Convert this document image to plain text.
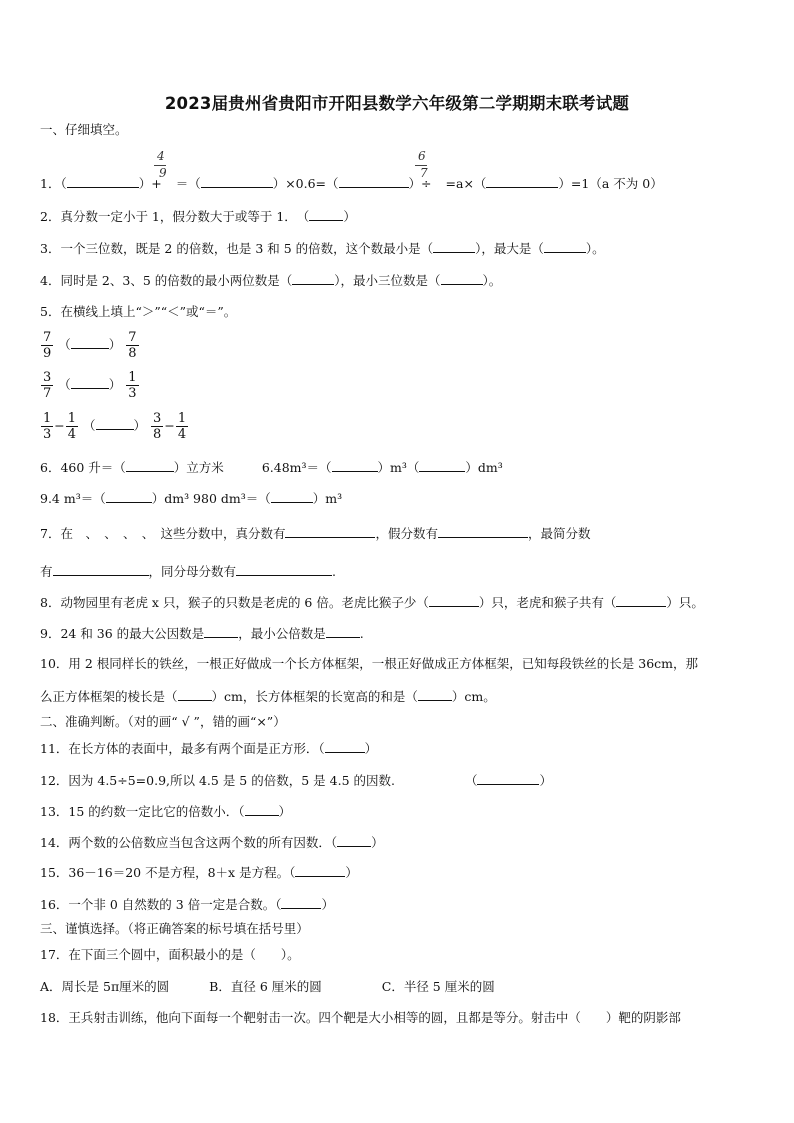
2023届贵州省贵阳市开阳县数学六年级第二学期期末联考试题
一、仔细填空。
1．（	）+ ＝（	）×0.6=（	）÷ =a×（	）=1（a 不为 0）
4
9
6
7
2．真分数一定小于 1，假分数大于或等于 1．　（	）
3．一个三位数，既是 2 的倍数，也是 3 和 5 的倍数，这个数最小是（	），最大是（	）。
4．同时是 2、3、5 的倍数的最小两位数是（	），最小三位数是（	）。
5．在横线上填上“＞”“＜”或“＝”。
$\frac{7}{9}$ （	） $\frac{7}{8}$
$\frac{3}{7}$ （	） $\frac{1}{3}$
$\frac{1}{3} - \frac{1}{4}$ （	） $\frac{3}{8} - \frac{1}{4}$
6．460 升＝（	）立方米	6.48m³＝（	）m³（	）dm³
9.4 m³＝（	）dm³ 980 dm³＝（	）m³
7．在　、　、　、　、　这些分数中，真分数有	，假分数有	，最简分数
有	，同分母分数有	.
8．动物园里有老虎 x 只，猴子的只数是老虎的 6 倍。老虎比猴子少（	）只，老虎和猴子共有（	）只。
9．24 和 36 的最大公因数是	，最小公倍数是	.
10．用 2 根同样长的铁丝，一根正好做成一个长方体框架，一根正好做成正方体框架，已知每段铁丝的长是 36cm，那
么正方体框架的棱长是（	）cm，长方体框架的长宽高的和是（	）cm。
二、准确判断。（对的画“ √ ”，错的画“×”）
11．在长方体的表面中，最多有两个面是正方形．（	）
12．因为 4.5÷5=0.9,所以 4.5 是 5 的倍数，5 是 4.5 的因数.	（	）
13．15 的约数一定比它的倍数小．（	）
14．两个数的公倍数应当包含这两个数的所有因数．（	）
15．36－16＝20 不是方程，8＋x 是方程。（	）
16．一个非 0 自然数的 3 倍一定是合数。（	）
三、谨慎选择。（将正确答案的标号填在括号里）
17．在下面三个圆中，面积最小的是（　　）。
A．周长是 5π厘米的圆	B．直径 6 厘米的圆	C．半径 5 厘米的圆
18．王兵射击训练，他向下面每一个靶射击一次。四个靶是大小相等的圆，且都是等分。射击中（　　）靶的阴影部
